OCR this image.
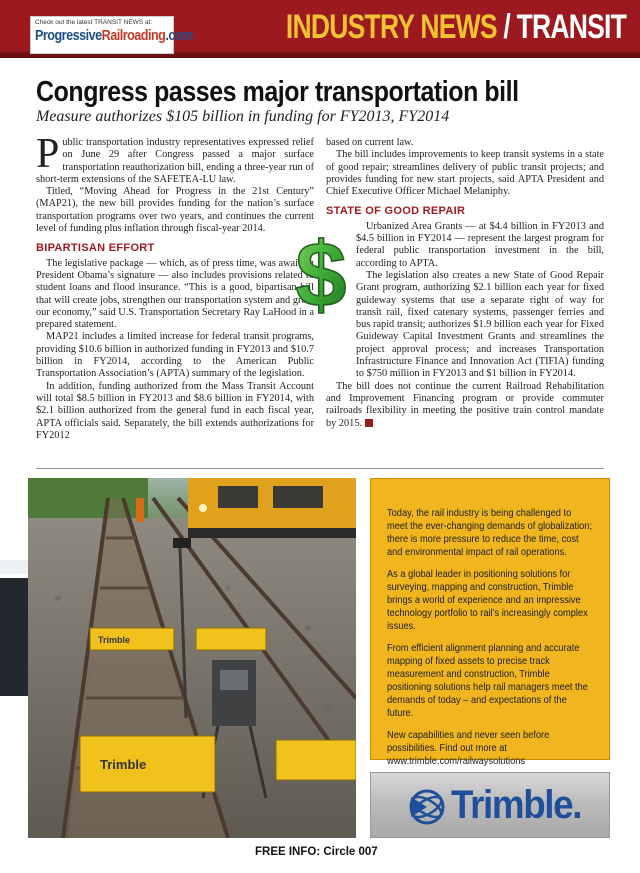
INDUSTRY NEWS / TRANSIT
Check out the latest TRANSIT NEWS at:
ProgressiveRailroading.com
Congress passes major transportation bill
Measure authorizes $105 billion in funding for FY2013, FY2014

Public transportation industry representatives expressed relief on June 29 after Congress passed a major surface transportation reauthorization bill, ending a three-year run of short-term extensions of the SAFETEA-LU law.

Titled, “Moving Ahead for Progress in the 21st Century” (MAP21), the new bill provides funding for the nation’s surface transportation programs over two years, and continues the current level of funding plus inflation through fiscal-year 2014.

BIPARTISAN EFFORT

The legislative package — which, as of press time, was awaiting President Obama’s signature — also includes provisions related to student loans and flood insurance. “This is a good, bipartisan bill that will create jobs, strengthen our transportation system and grow our economy,” said U.S. Transportation Secretary Ray LaHood in a prepared statement.

MAP21 includes a limited increase for federal transit programs, providing $10.6 billion in authorized funding in FY2013 and $10.7 billion in FY2014, according to the American Public Transportation Association’s (APTA) summary of the legislation.

In addition, funding authorized from the Mass Transit Account will total $8.5 billion in FY2013 and $8.6 billion in FY2014, with $2.1 billion authorized from the general fund in each fiscal year, APTA officials said. Separately, the bill extends authorizations for FY2012

based on current law.

The bill includes improvements to keep transit systems in a state of good repair; streamlines delivery of public transit projects; and provides funding for new start projects, said APTA President and Chief Executive Officer Michael Melaniphy.

STATE OF GOOD REPAIR

Urbanized Area Grants — at $4.4 billion in FY2013 and $4.5 billion in FY2014 — represent the largest program for federal public transportation investment in the bill, according to APTA.

The legislation also creates a new State of Good Repair Grant program, authorizing $2.1 billion each year for fixed guideway systems that use a separate right of way for transit rail, fixed catenary systems, passenger ferries and bus rapid transit; authorizes $1.9 billion each year for Fixed Guideway Capital Investment Grants and streamlines the project approval process; and increases Transportation Infrastructure Finance and Innovation Act (TIFIA) funding to $750 million in FY2013 and $1 billion in FY2014.

The bill does not continue the current Railroad Rehabilitation and Improvement Financing program or provide commuter railroads flexibility in meeting the positive train control mandate by 2015. R

$
Trimble
Trimble

Today, the rail industry is being challenged to meet the ever-changing demands of globalization; there is more pressure to reduce the time, cost and environmental impact of rail operations.

As a global leader in positioning solutions for surveying, mapping and construction, Trimble brings a world of experience and an impressive technology portfolio to rail’s increasingly complex issues.

From efficient alignment planning and accurate mapping of fixed assets to precise track measurement and construction, Trimble positioning solutions help rail managers meet the demands of today – and expectations of the future.

New capabilities and never seen before possibilities. Find out more at www.trimble.com/railwaysolutions

Trimble.
FREE INFO: Circle 007
